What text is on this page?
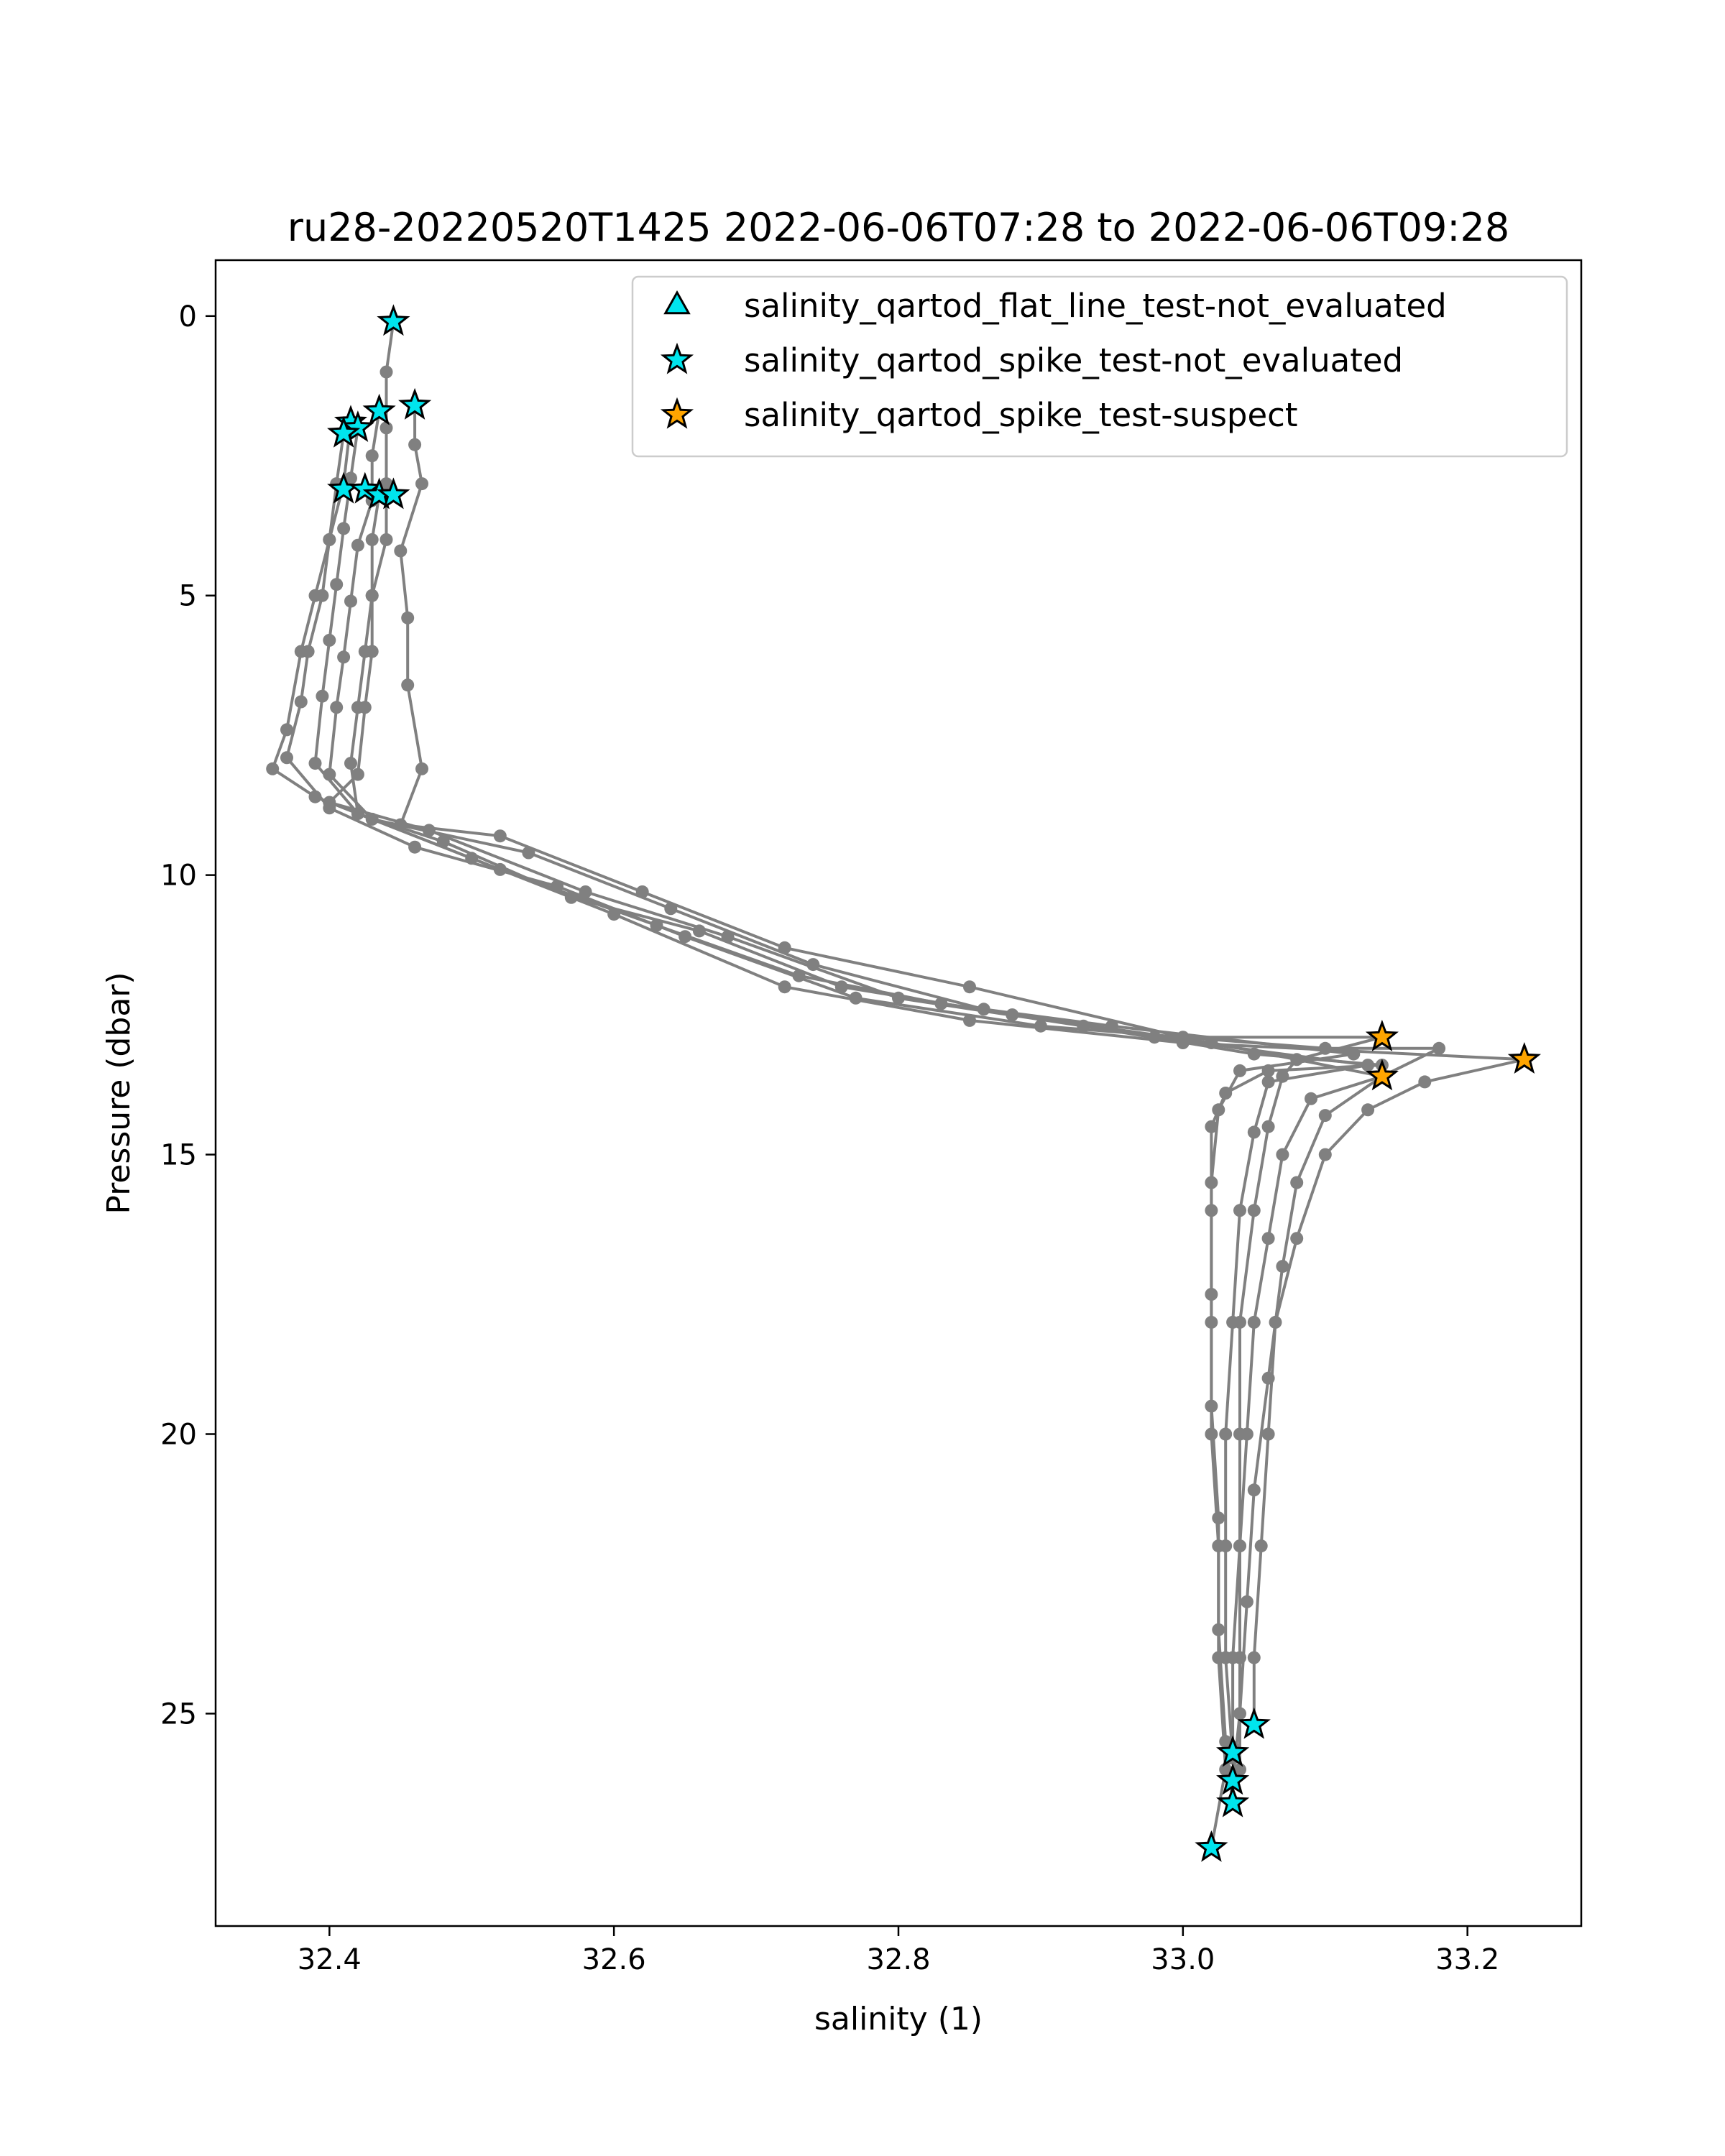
ru28-20220520T1425 2022-06-06T07:28 to 2022-06-06T09:28
32.4	32.6	32.8	33.0	33.2
0
5
10
15
20
25
salinity (1)
Pressure (dbar)
salinity_qartod_flat_line_test-not_evaluated
salinity_qartod_spike_test-not_evaluated
salinity_qartod_spike_test-suspect
